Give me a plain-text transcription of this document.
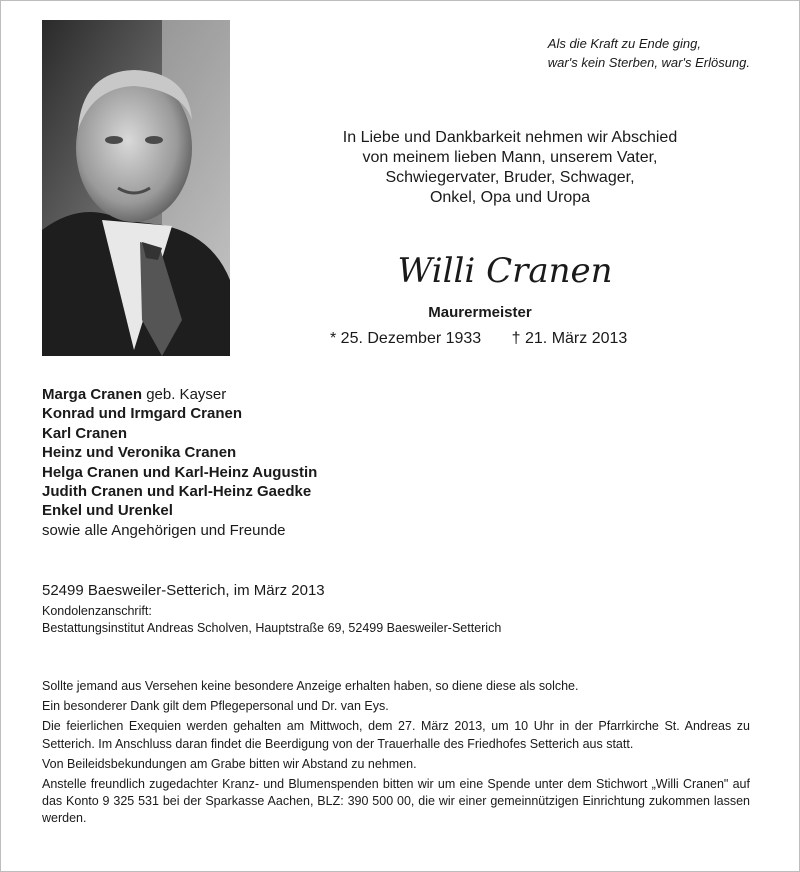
Als die Kraft zu Ende ging,
war's kein Sterben, war's Erlösung.
In Liebe und Dankbarkeit nehmen wir Abschied
von meinem lieben Mann, unserem Vater,
Schwiegervater, Bruder, Schwager,
Onkel, Opa und Uropa
Willi Cranen
Maurermeister
* 25. Dezember 1933 † 21. März 2013
Marga Cranen geb. Kayser
Konrad und Irmgard Cranen
Karl Cranen
Heinz und Veronika Cranen
Helga Cranen und Karl-Heinz Augustin
Judith Cranen und Karl-Heinz Gaedke
Enkel und Urenkel
sowie alle Angehörigen und Freunde
52499 Baesweiler-Setterich, im März 2013
Kondolenzanschrift:
Bestattungsinstitut Andreas Scholven, Hauptstraße 69, 52499 Baesweiler-Setterich

Sollte jemand aus Versehen keine besondere Anzeige erhalten haben, so diene diese als solche.

Ein besonderer Dank gilt dem Pflegepersonal und Dr. van Eys.

Die feierlichen Exequien werden gehalten am Mittwoch, dem 27. März 2013, um 10 Uhr in der Pfarrkirche St. Andreas zu Setterich. Im Anschluss daran findet die Beerdigung von der Trauerhalle des Friedhofes Setterich aus statt.

Von Beileidsbekundungen am Grabe bitten wir Abstand zu nehmen.

Anstelle freundlich zugedachter Kranz- und Blumenspenden bitten wir um eine Spende unter dem Stichwort „Willi Cranen" auf das Konto 9 325 531 bei der Sparkasse Aachen, BLZ: 390 500 00, die wir einer gemeinnützigen Einrichtung zukommen lassen werden.
